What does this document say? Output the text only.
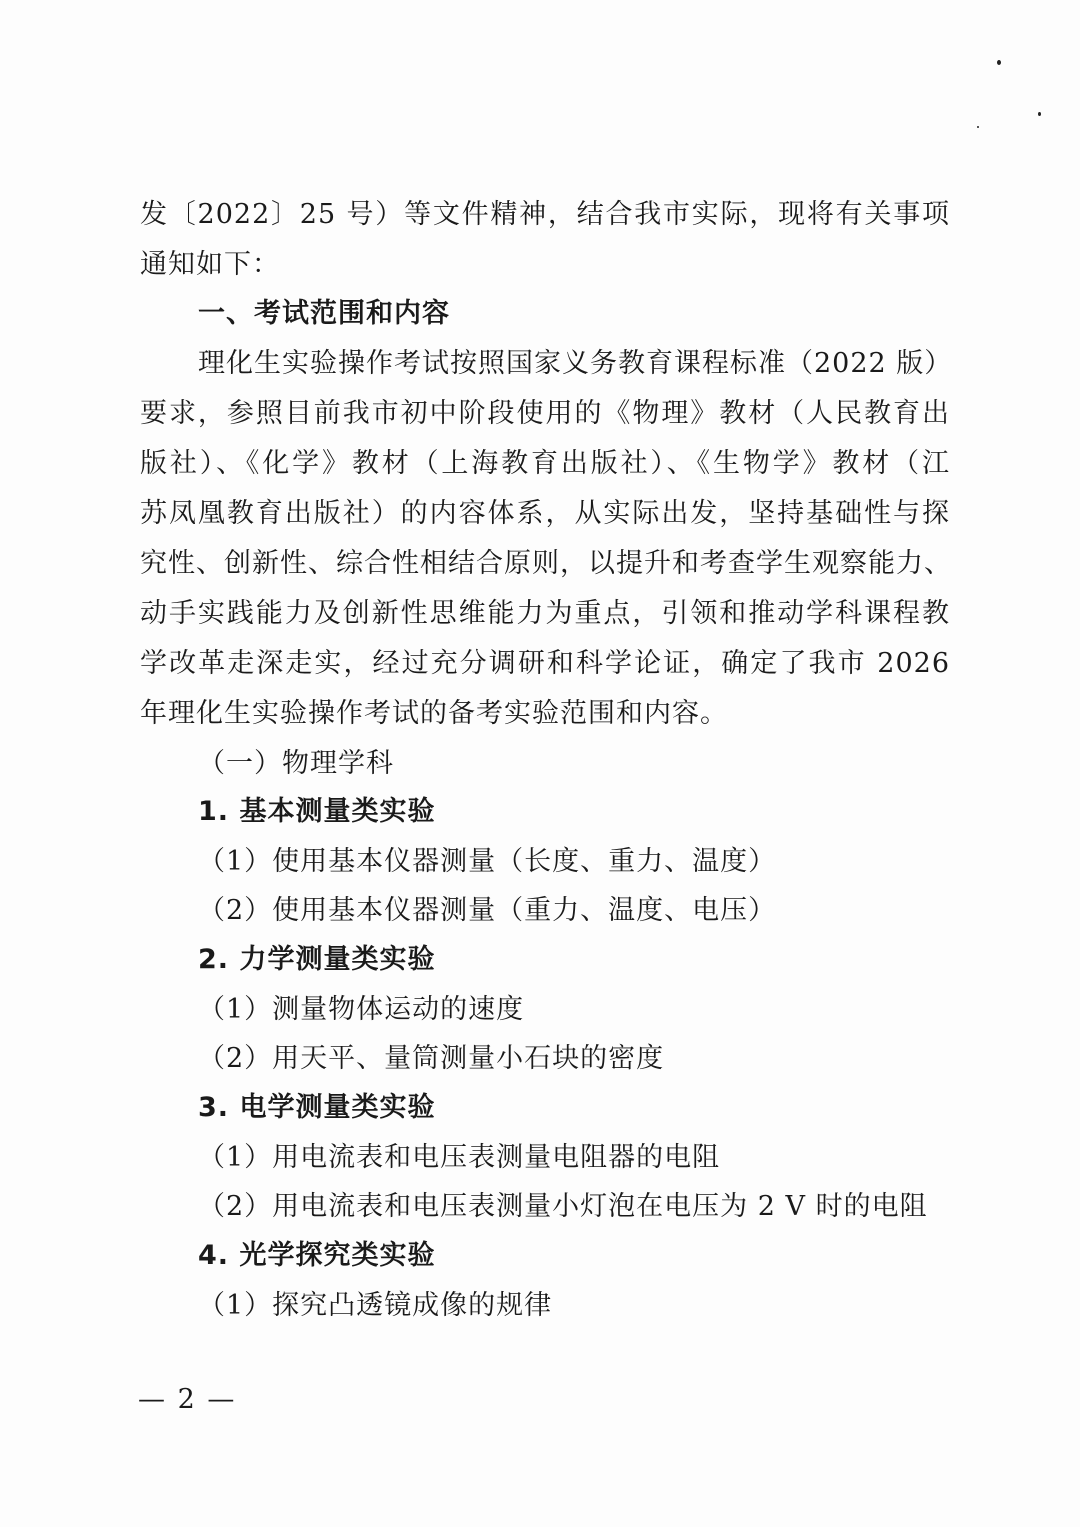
发〔2022〕25 号）等文件精神，结合我市实际，现将有关事项
通知如下：
一、考试范围和内容
理化生实验操作考试按照国家义务教育课程标准（2022 版）
要求，参照目前我市初中阶段使用的《物理》教材（人民教育出
版社）、《化学》教材（上海教育出版社）、《生物学》教材（江
苏凤凰教育出版社）的内容体系，从实际出发，坚持基础性与探
究性、创新性、综合性相结合原则，以提升和考查学生观察能力、
动手实践能力及创新性思维能力为重点，引领和推动学科课程教
学改革走深走实，经过充分调研和科学论证，确定了我市 2026
年理化生实验操作考试的备考实验范围和内容。
（一）物理学科
1. 基本测量类实验
（1）使用基本仪器测量（长度、重力、温度）
（2）使用基本仪器测量（重力、温度、电压）
2. 力学测量类实验
（1）测量物体运动的速度
（2）用天平、量筒测量小石块的密度
3. 电学测量类实验
（1）用电流表和电压表测量电阻器的电阻
（2）用电流表和电压表测量小灯泡在电压为 2 V 时的电阻
4. 光学探究类实验
（1）探究凸透镜成像的规律
— 2 —
